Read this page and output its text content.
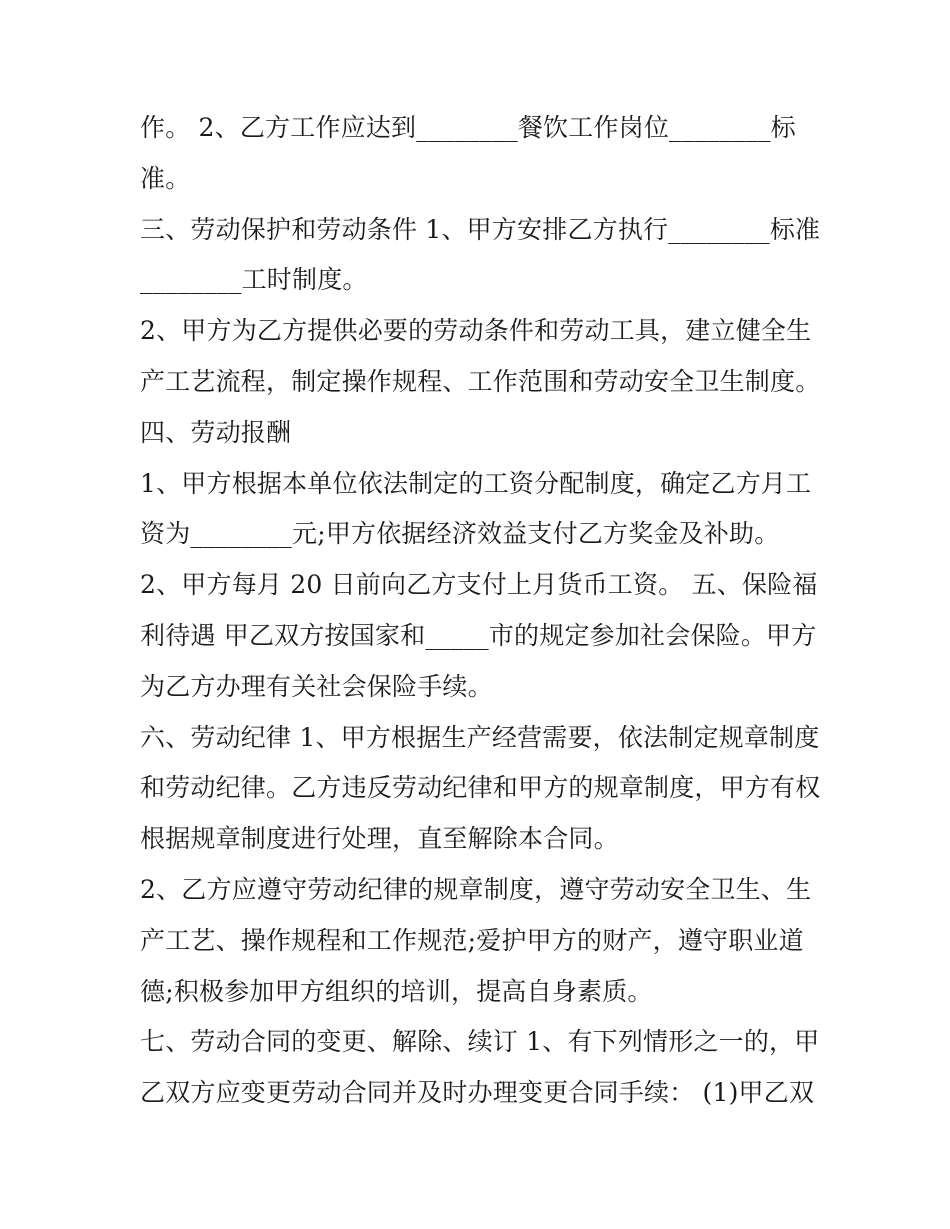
作。 2、乙方工作应达到________餐饮工作岗位________标
准。
三、劳动保护和劳动条件 1、甲方安排乙方执行________标准
________工时制度。
2、甲方为乙方提供必要的劳动条件和劳动工具，建立健全生
产工艺流程，制定操作规程、工作范围和劳动安全卫生制度。
四、劳动报酬
1、甲方根据本单位依法制定的工资分配制度，确定乙方月工
资为________元;甲方依据经济效益支付乙方奖金及补助。
2、甲方每月 20 日前向乙方支付上月货币工资。 五、保险福
利待遇 甲乙双方按国家和_____市的规定参加社会保险。甲方
为乙方办理有关社会保险手续。
六、劳动纪律 1、甲方根据生产经营需要，依法制定规章制度
和劳动纪律。乙方违反劳动纪律和甲方的规章制度，甲方有权
根据规章制度进行处理，直至解除本合同。
2、乙方应遵守劳动纪律的规章制度，遵守劳动安全卫生、生
产工艺、操作规程和工作规范;爱护甲方的财产，遵守职业道
德;积极参加甲方组织的培训，提高自身素质。
七、劳动合同的变更、解除、续订 1、有下列情形之一的，甲
乙双方应变更劳动合同并及时办理变更合同手续： (1)甲乙双
